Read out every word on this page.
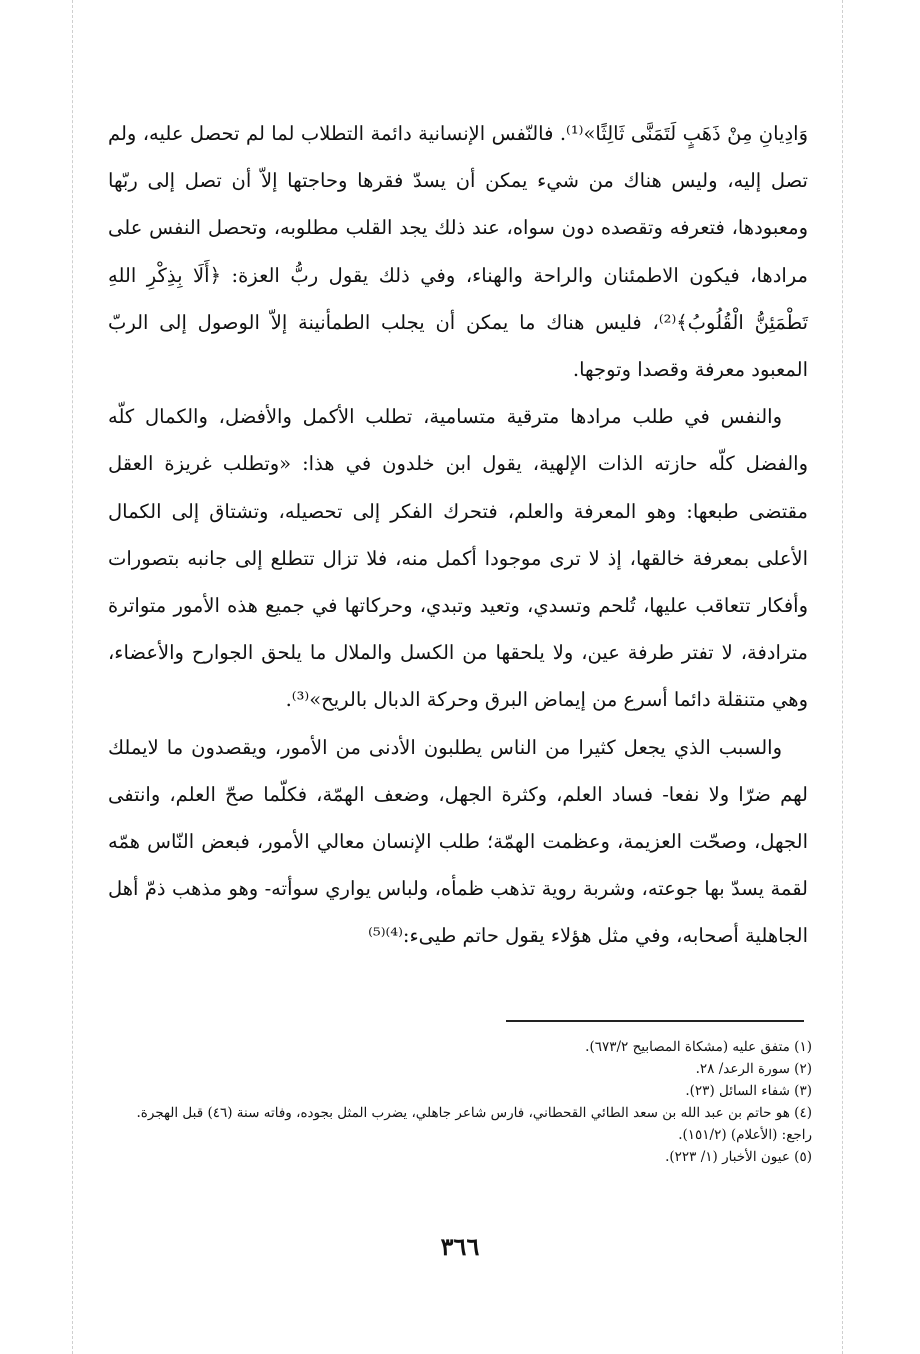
وَادِيانِ مِنْ ذَهَبٍ لَتَمَنَّى ثَالِثًا»⁽¹⁾. فالنّفس الإنسانية دائمة التطلاب لما لم تحصل عليه، ولم تصل إليه، وليس هناك من شيء يمكن أن يسدّ فقرها وحاجتها إلاّ أن تصل إلى ربّها ومعبودها، فتعرفه وتقصده دون سواه، عند ذلك يجد القلب مطلوبه، وتحصل النفس على مرادها، فيكون الاطمئنان والراحة والهناء، وفي ذلك يقول ربُّ العزة: ﴿أَلَا بِذِكْرِ اللهِ تَطْمَئِنُّ الْقُلُوبُ﴾⁽²⁾، فليس هناك ما يمكن أن يجلب الطمأنينة إلاّ الوصول إلى الربّ المعبود معرفة وقصدا وتوجها.

والنفس في طلب مرادها مترقية متسامية، تطلب الأكمل والأفضل، والكمال كلّه والفضل كلّه حازته الذات الإلهية، يقول ابن خلدون في هذا: «وتطلب غريزة العقل مقتضى طبعها: وهو المعرفة والعلم، فتحرك الفكر إلى تحصيله، وتشتاق إلى الكمال الأعلى بمعرفة خالقها، إذ لا ترى موجودا أكمل منه، فلا تزال تتطلع إلى جانبه بتصورات وأفكار تتعاقب عليها، تُلحم وتسدي، وتعيد وتبدي، وحركاتها في جميع هذه الأمور متواترة مترادفة، لا تفتر طرفة عين، ولا يلحقها من الكسل والملال ما يلحق الجوارح والأعضاء، وهي متنقلة دائما أسرع من إيماض البرق وحركة الدبال بالريح»⁽³⁾.

والسبب الذي يجعل كثيرا من الناس يطلبون الأدنى من الأمور، ويقصدون ما لايملك لهم ضرّا ولا نفعا- فساد العلم، وكثرة الجهل، وضعف الهمّة، فكلّما صحّ العلم، وانتفى الجهل، وصحّت العزيمة، وعظمت الهمّة؛ طلب الإنسان معالي الأمور، فبعض النّاس همّه لقمة يسدّ بها جوعته، وشربة روية تذهب ظمأه، ولباس يواري سوأته- وهو مذهب ذمّ أهل الجاهلية أصحابه، وفي مثل هؤلاء يقول حاتم طيىء:⁽⁴⁾⁽⁵⁾

(١) متفق عليه (مشكاة المصابيح ٦٧٣/٢).

(٢) سورة الرعد/ ٢٨.

(٣) شفاء السائل (٢٣).

(٤) هو حاتم بن عبد الله بن سعد الطائي القحطاني، فارس شاعر جاهلي، يضرب المثل بجوده، وفاته سنة (٤٦) قبل الهجرة. راجع: (الأعلام) (١٥١/٢).

(٥) عيون الأخبار (١/ ٢٢٣).

٣٦٦
